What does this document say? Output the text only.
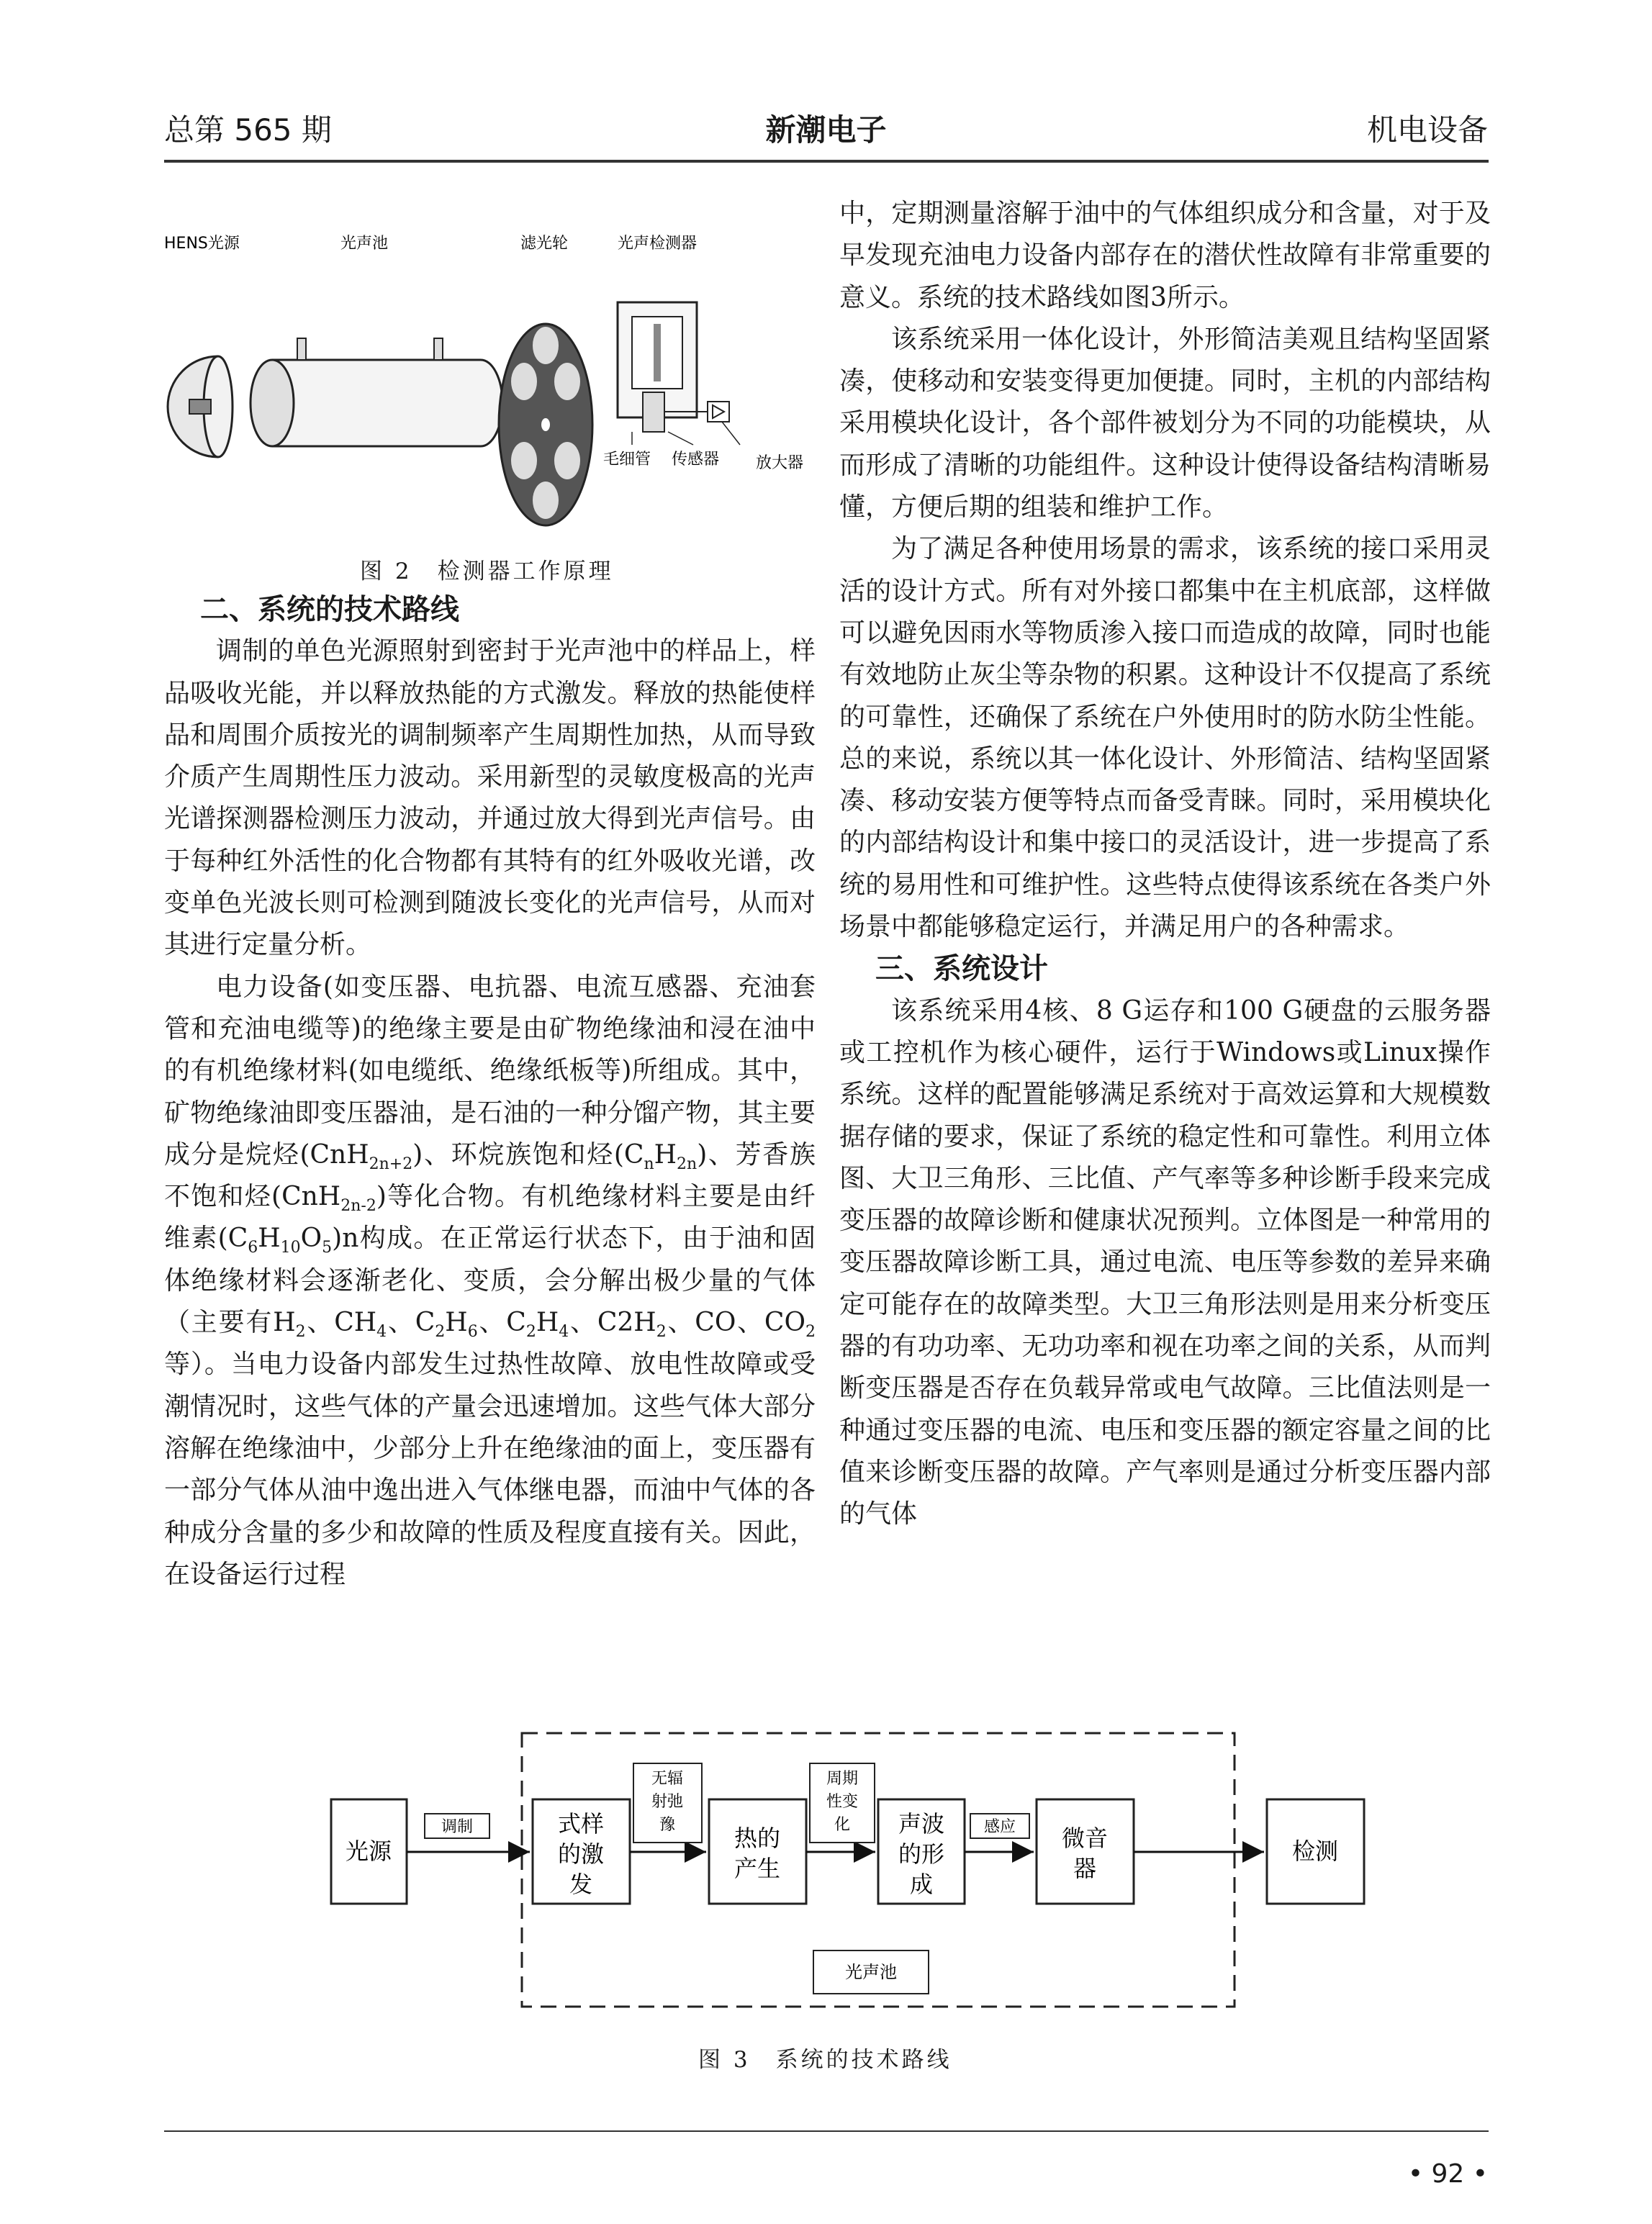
总第 565 期	新潮电子	机电设备
HENS光源	光声池	滤光轮	光声检测器
毛细管 传感器 放大器
图 2　检测器工作原理
二、系统的技术路线

调制的单色光源照射到密封于光声池中的样品上，样品吸收光能，并以释放热能的方式激发。释放的热能使样品和周围介质按光的调制频率产生周期性加热，从而导致介质产生周期性压力波动。采用新型的灵敏度极高的光声光谱探测器检测压力波动，并通过放大得到光声信号。由于每种红外活性的化合物都有其特有的红外吸收光谱，改变单色光波长则可检测到随波长变化的光声信号，从而对其进行定量分析。

电力设备(如变压器、电抗器、电流互感器、充油套管和充油电缆等)的绝缘主要是由矿物绝缘油和浸在油中的有机绝缘材料(如电缆纸、绝缘纸板等)所组成。其中，矿物绝缘油即变压器油，是石油的一种分馏产物，其主要成分是烷烃(CnH$_{2n+2}$)、环烷族饱和烃$(C_nH_{2n})$、芳香族不饱和烃(CnH$_{2n-2}$)等化合物。有机绝缘材料主要是由纤维素$(C_6H_{10}O_5)n$构成。在正常运行状态下，由于油和固体绝缘材料会逐渐老化、变质，会分解出极少量的气体（主要有$H_2$、$CH_4$、$C_2H_6$、$C_2H_4$、$C2H_2$、CO、$CO_2$等）。当电力设备内部发生过热性故障、放电性故障或受潮情况时，这些气体的产量会迅速增加。这些气体大部分溶解在绝缘油中，少部分上升在绝缘油的面上，变压器有一部分气体从油中逸出进入气体继电器，而油中气体的各种成分含量的多少和故障的性质及程度直接有关。因此，在设备运行过程

中，定期测量溶解于油中的气体组织成分和含量，对于及早发现充油电力设备内部存在的潜伏性故障有非常重要的意义。系统的技术路线如图3所示。

该系统采用一体化设计，外形简洁美观且结构坚固紧凑，使移动和安装变得更加便捷。同时，主机的内部结构采用模块化设计，各个部件被划分为不同的功能模块，从而形成了清晰的功能组件。这种设计使得设备结构清晰易懂，方便后期的组装和维护工作。

为了满足各种使用场景的需求，该系统的接口采用灵活的设计方式。所有对外接口都集中在主机底部，这样做可以避免因雨水等物质渗入接口而造成的故障，同时也能有效地防止灰尘等杂物的积累。这种设计不仅提高了系统的可靠性，还确保了系统在户外使用时的防水防尘性能。总的来说，系统以其一体化设计、外形简洁、结构坚固紧凑、移动安装方便等特点而备受青睐。同时，采用模块化的内部结构设计和集中接口的灵活设计，进一步提高了系统的易用性和可维护性。这些特点使得该系统在各类户外场景中都能够稳定运行，并满足用户的各种需求。

三、系统设计

该系统采用4核、8 G运存和100 G硬盘的云服务器或工控机作为核心硬件，运行于Windows或Linux操作系统。这样的配置能够满足系统对于高效运算和大规模数据存储的要求，保证了系统的稳定性和可靠性。利用立体图、大卫三角形、三比值、产气率等多种诊断手段来完成变压器的故障诊断和健康状况预判。立体图是一种常用的变压器故障诊断工具，通过电流、电压等参数的差异来确定可能存在的故障类型。大卫三角形法则是用来分析变压器的有功功率、无功功率和视在功率之间的关系，从而判断变压器是否存在负载异常或电气故障。三比值法则是一种通过变压器的电流、电压和变压器的额定容量之间的比值来诊断变压器的故障。产气率则是通过分析变压器内部的气体

光源
式样
的激
发
热的
产生
声波
的形
成
微音
器
检测
调制
无辐
射弛
豫
周期
性变
化	感应
光声池
图 3　系统的技术路线
• 92 •
